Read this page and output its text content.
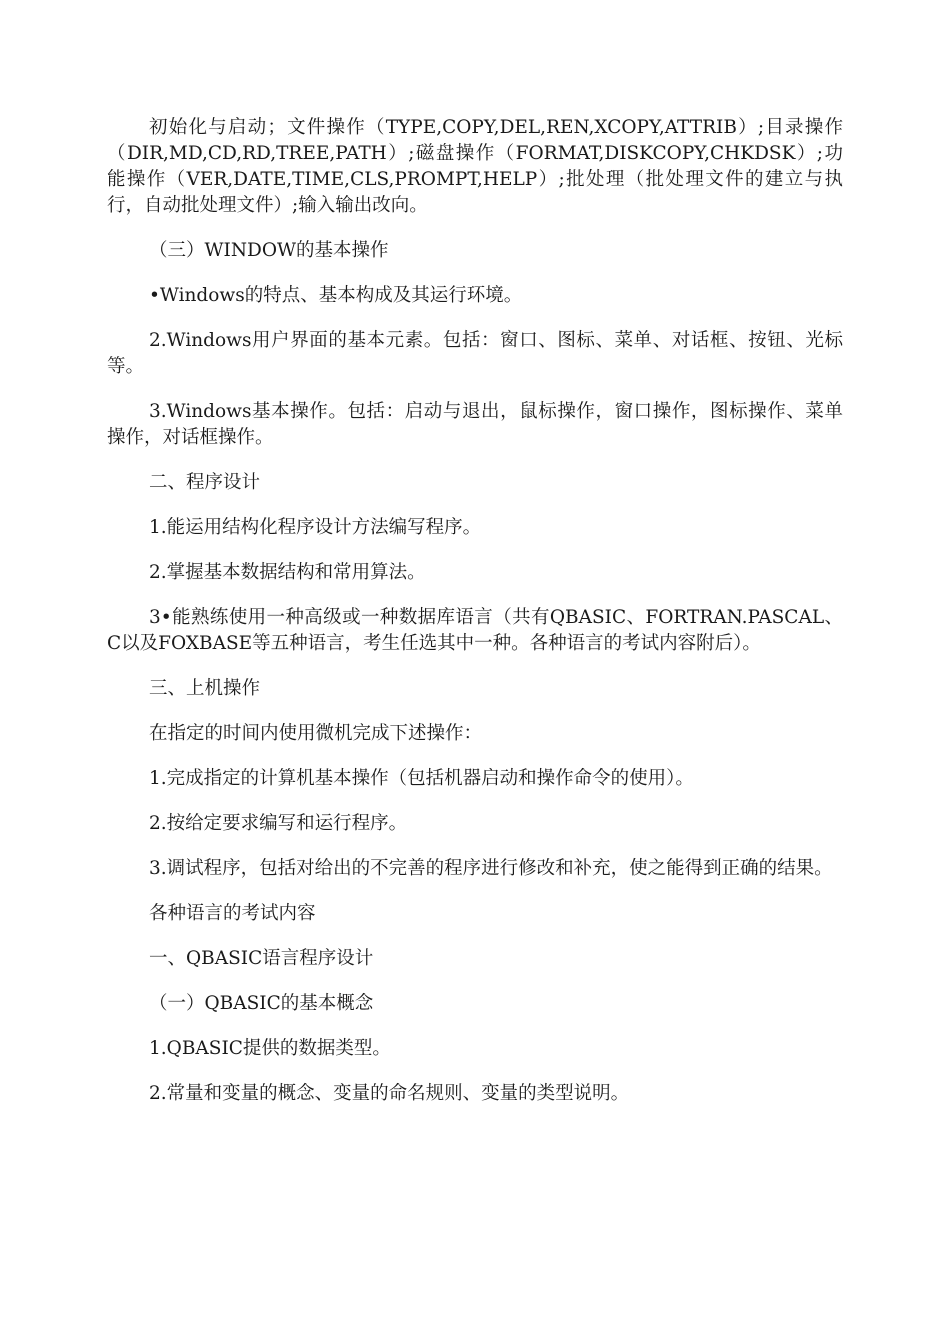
初始化与启动；文件操作（TYPE,COPY,DEL,REN,XCOPY,ATTRIB）;目录操作（DIR,MD,CD,RD,TREE,PATH）;磁盘操作（FORMAT,DISKCOPY,CHKDSK）;功能操作（VER,DATE,TIME,CLS,PROMPT,HELP）;批处理（批处理文件的建立与执行，自动批处理文件）;输入输出改向。

（三）WINDOW的基本操作

•Windows的特点、基本构成及其运行环境。

2.Windows用户界面的基本元素。包括：窗口、图标、菜单、对话框、按钮、光标等。

3.Windows基本操作。包括：启动与退出，鼠标操作，窗口操作，图标操作、菜单操作，对话框操作。

二、程序设计

1.能运用结构化程序设计方法编写程序。

2.掌握基本数据结构和常用算法。

3•能熟练使用一种高级或一种数据库语言（共有QBASIC、FORTRAN.PASCAL、C以及FOXBASE等五种语言，考生任选其中一种。各种语言的考试内容附后）。

三、上机操作

在指定的时间内使用微机完成下述操作：

1.完成指定的计算机基本操作（包括机器启动和操作命令的使用）。

2.按给定要求编写和运行程序。

3.调试程序，包括对给出的不完善的程序进行修改和补充，使之能得到正确的结果。

各种语言的考试内容

一、QBASIC语言程序设计

（一）QBASIC的基本概念

1.QBASIC提供的数据类型。

2.常量和变量的概念、变量的命名规则、变量的类型说明。
